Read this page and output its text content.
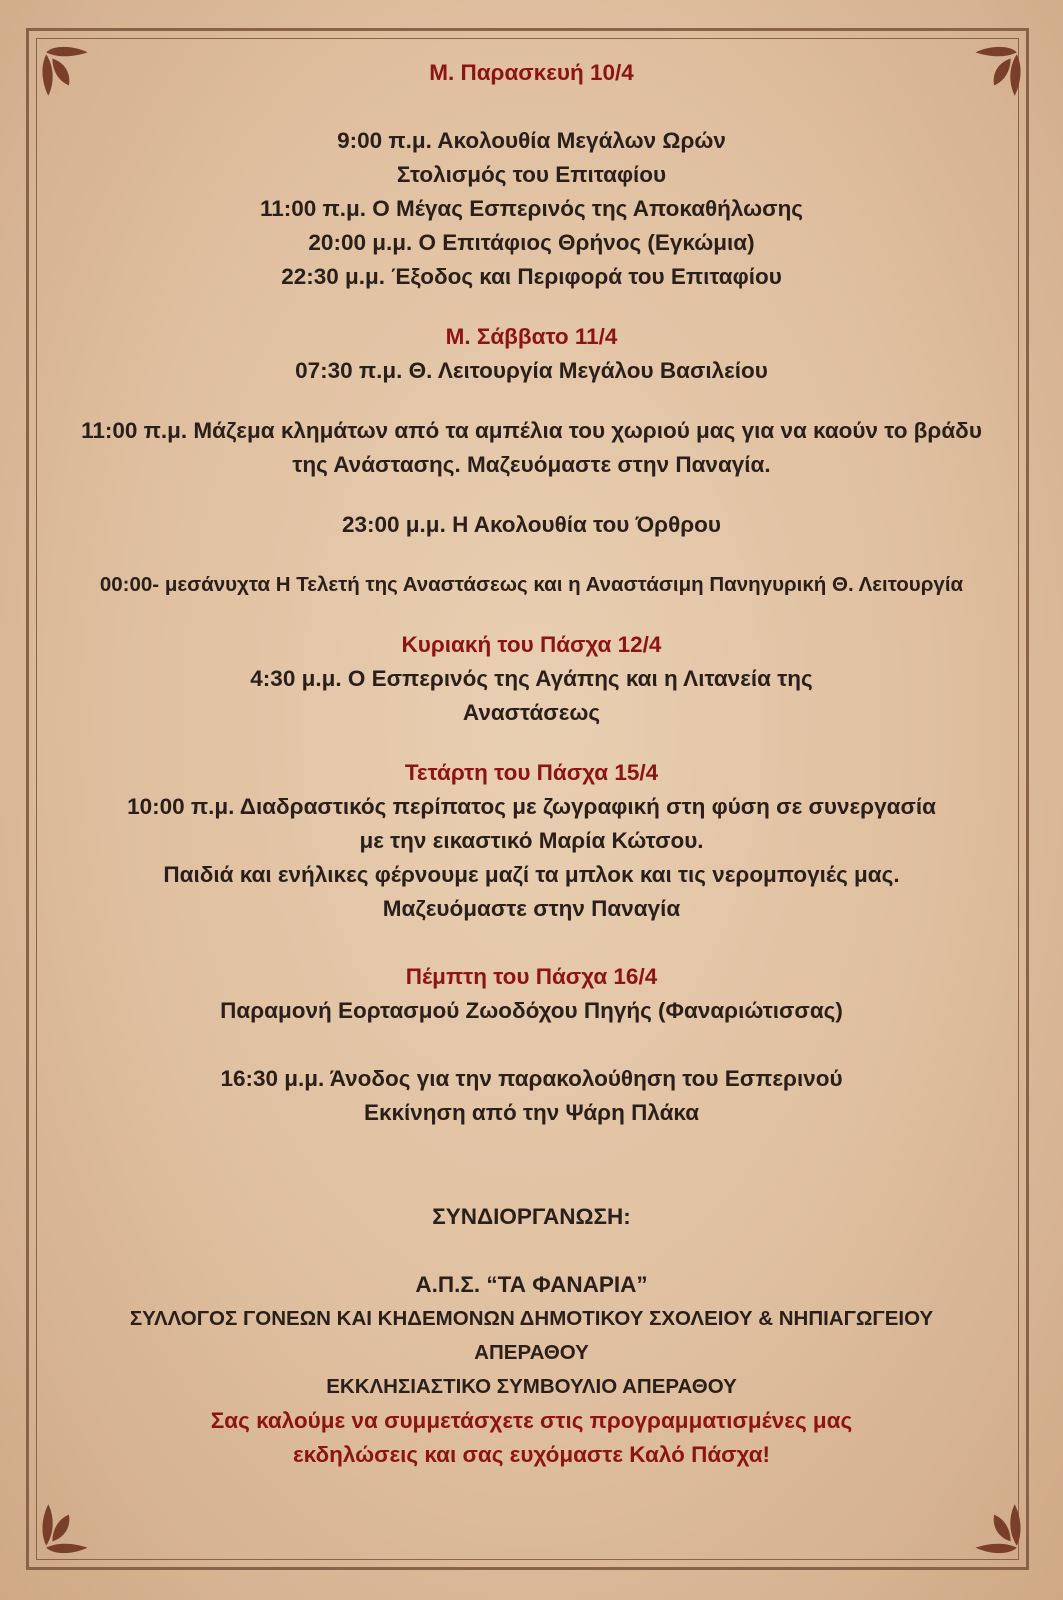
Μ. Παρασκευή 10/4
9:00 π.μ. Ακολουθία Μεγάλων Ωρών
Στολισμός του Επιταφίου
11:00 π.μ. Ο Μέγας Εσπερινός της Αποκαθήλωσης
20:00 μ.μ. Ο Επιτάφιος Θρήνος (Εγκώμια)
22:30 μ.μ. Έξοδος και Περιφορά του Επιταφίου
Μ. Σάββατο 11/4
07:30 π.μ. Θ. Λειτουργία Μεγάλου Βασιλείου
11:00 π.μ. Μάζεμα κλημάτων από τα αμπέλια του χωριού μας για να καούν το βράδυ
της Ανάστασης. Μαζευόμαστε στην Παναγία.
23:00 μ.μ. Η Ακολουθία του Όρθρου
00:00- μεσάνυχτα Η Τελετή της Αναστάσεως και η Αναστάσιμη Πανηγυρική Θ. Λειτουργία
Κυριακή του Πάσχα 12/4
4:30 μ.μ. Ο Εσπερινός της Αγάπης και η Λιτανεία της
Αναστάσεως
Τετάρτη του Πάσχα 15/4
10:00 π.μ. Διαδραστικός περίπατος με ζωγραφική στη φύση σε συνεργασία
με την εικαστικό Μαρία Κώτσου.
Παιδιά και ενήλικες φέρνουμε μαζί τα μπλοκ και τις νερομπογιές μας.
Μαζευόμαστε στην Παναγία
Πέμπτη του Πάσχα 16/4
Παραμονή Εορτασμού Ζωοδόχου Πηγής (Φαναριώτισσας)
16:30 μ.μ. Άνοδος για την παρακολούθηση του Εσπερινού
Εκκίνηση από την Ψάρη Πλάκα
ΣΥΝΔΙΟΡΓΑΝΩΣΗ:
Α.Π.Σ. “ΤΑ ΦΑΝΑΡΙΑ”
ΣΥΛΛΟΓΟΣ ΓΟΝΕΩΝ ΚΑΙ ΚΗΔΕΜΟΝΩΝ ΔΗΜΟΤΙΚΟΥ ΣΧΟΛΕΙΟΥ & ΝΗΠΙΑΓΩΓΕΙΟΥ
ΑΠΕΡΑΘΟΥ
ΕΚΚΛΗΣΙΑΣΤΙΚΟ ΣΥΜΒΟΥΛΙΟ ΑΠΕΡΑΘΟΥ
Σας καλούμε να συμμετάσχετε στις προγραμματισμένες μας
εκδηλώσεις και σας ευχόμαστε Καλό Πάσχα!
